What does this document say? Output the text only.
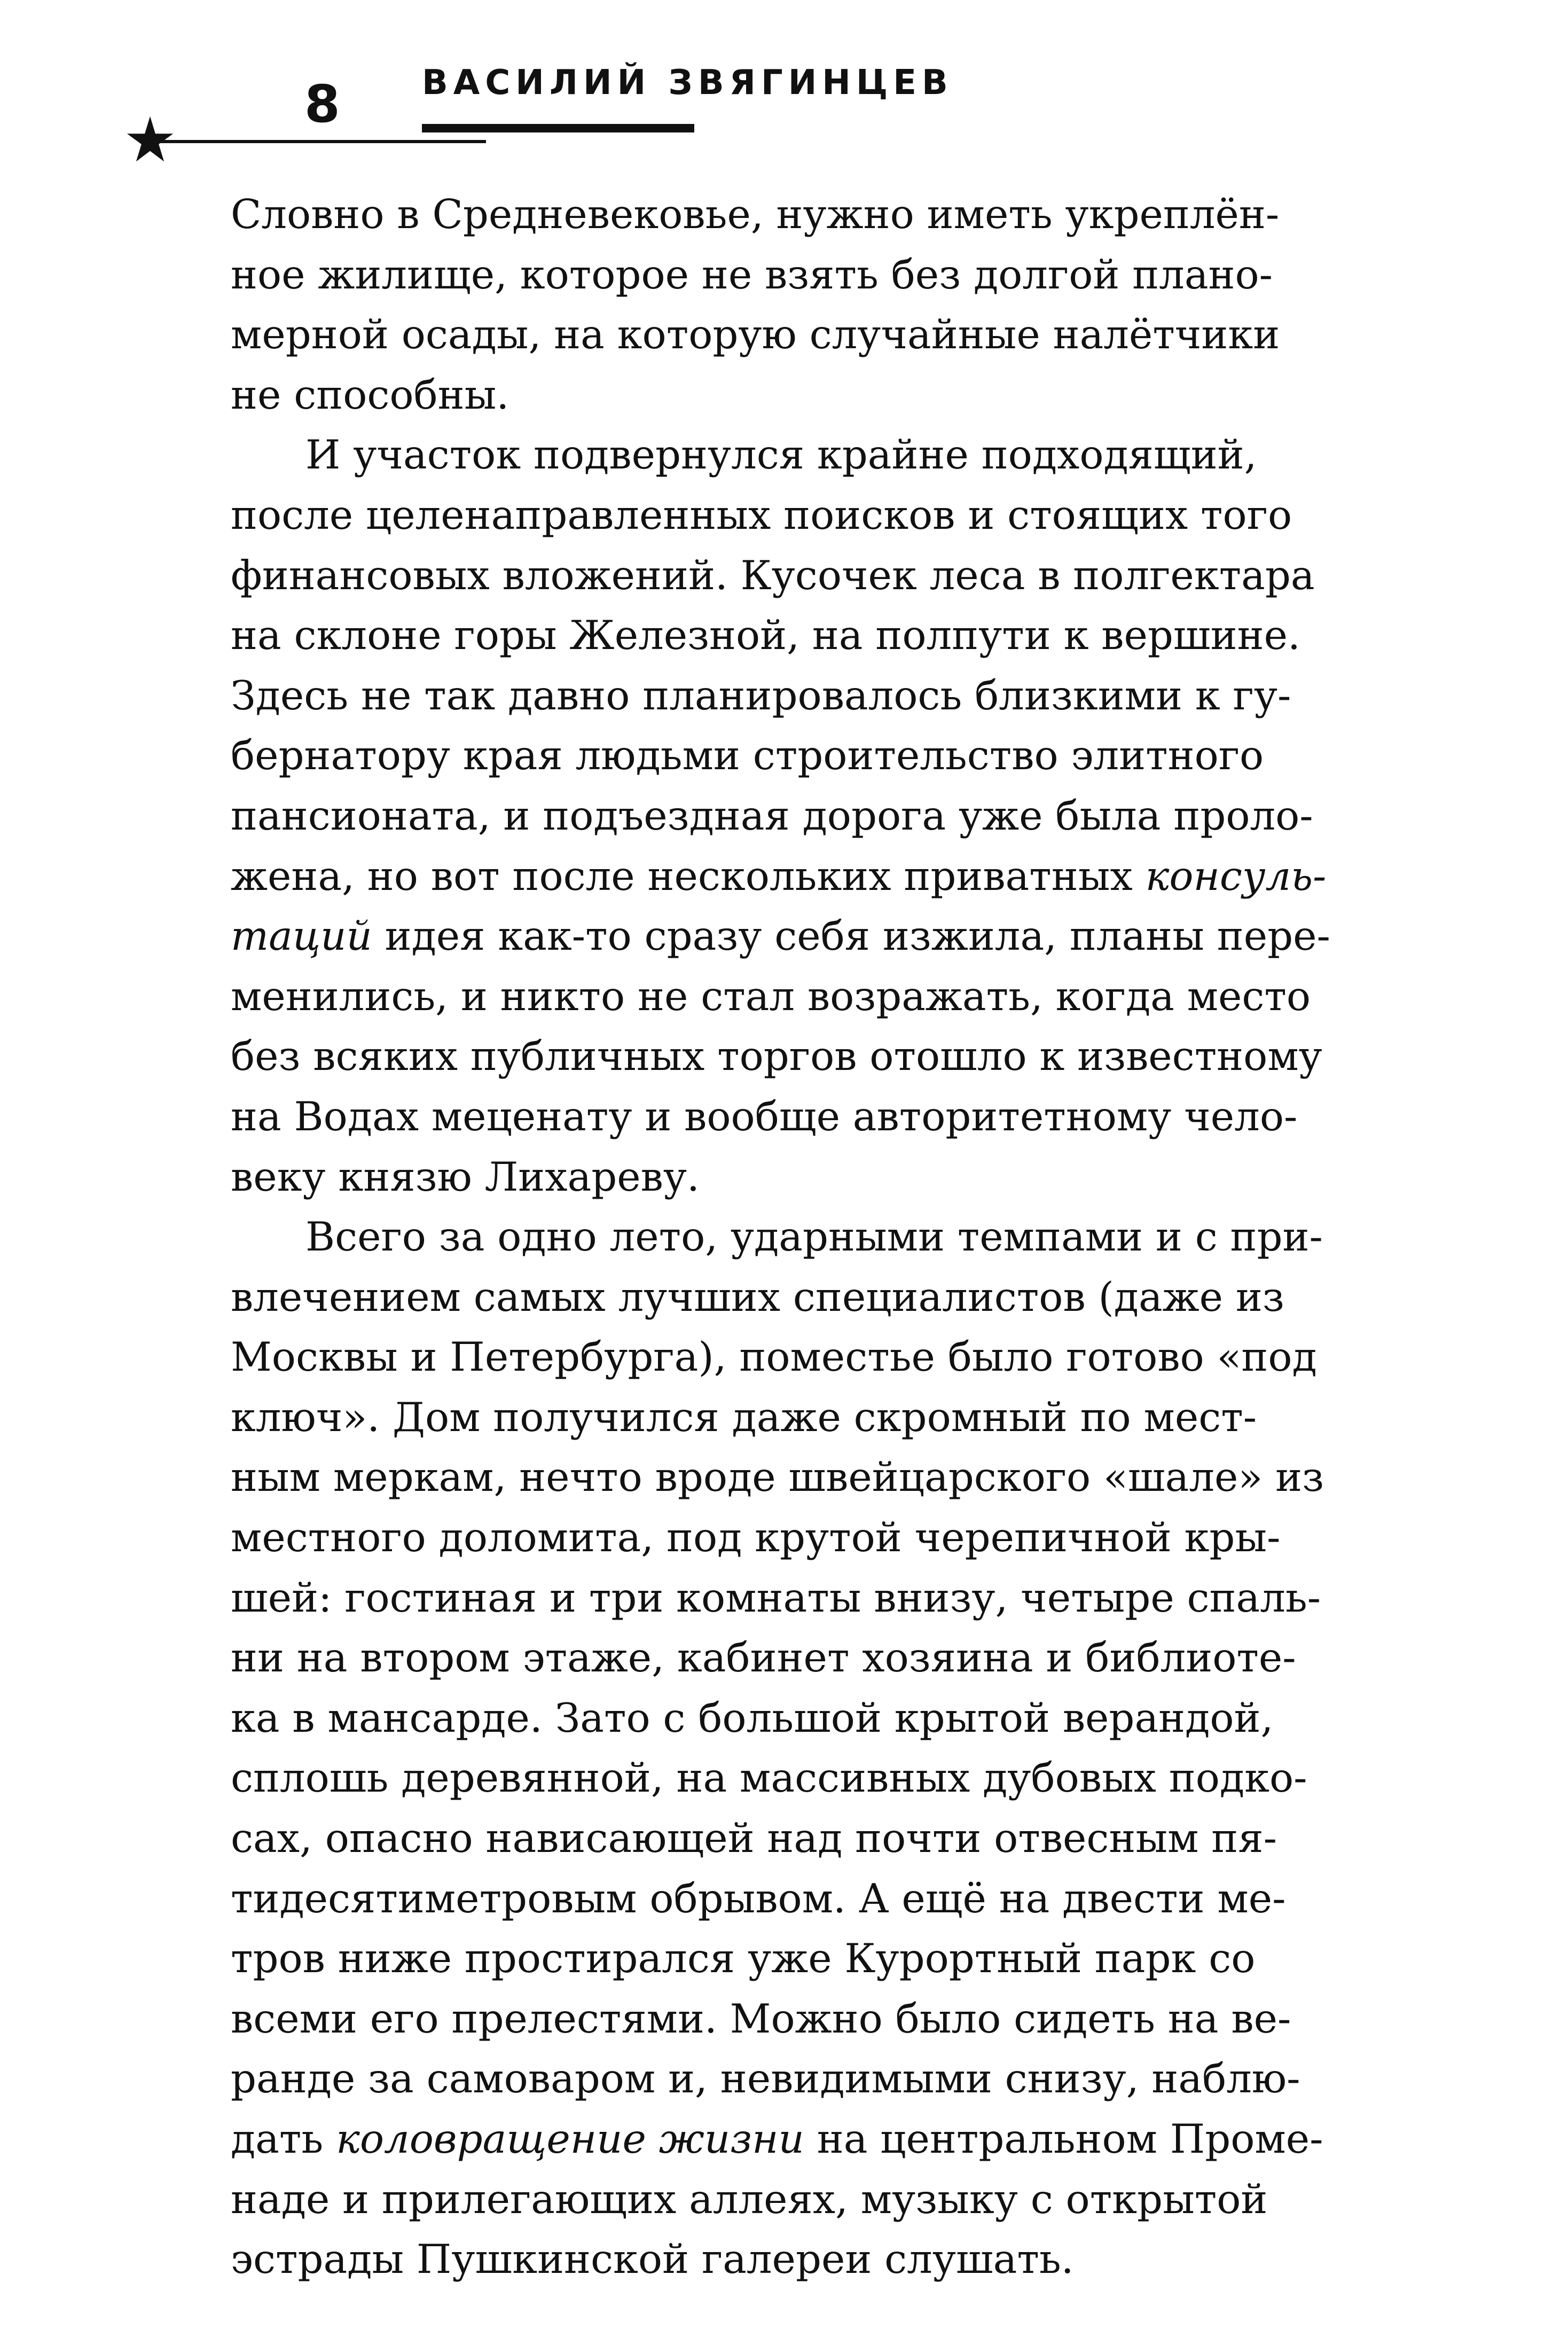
8 ВАСИЛИЙ ЗВЯГИНЦЕВ

Словно в Средневековье, нужно иметь укреплён-
ное жилище, которое не взять без долгой плано-
мерной осады, на которую случайные налётчики
не способны.

И участок подвернулся крайне подходящий,
после целенаправленных поисков и стоящих того
финансовых вложений. Кусочек леса в полгектара
на склоне горы Железной, на полпути к вершине.
Здесь не так давно планировалось близкими к гу-
бернатору края людьми строительство элитного
пансионата, и подъездная дорога уже была проло-
жена, но вот после нескольких приватных консуль-
таций идея как-то сразу себя изжила, планы пере-
менились, и никто не стал возражать, когда место
без всяких публичных торгов отошло к известному
на Водах меценату и вообще авторитетному чело-
веку князю Лихареву.

Всего за одно лето, ударными темпами и с при-
влечением самых лучших специалистов (даже из
Москвы и Петербурга), поместье было готово «под
ключ». Дом получился даже скромный по мест-
ным меркам, нечто вроде швейцарского «шале» из
местного доломита, под крутой черепичной кры-
шей: гостиная и три комнаты внизу, четыре спаль-
ни на втором этаже, кабинет хозяина и библиоте-
ка в мансарде. Зато с большой крытой верандой,
сплошь деревянной, на массивных дубовых подко-
сах, опасно нависающей над почти отвесным пя-
тидесятиметровым обрывом. А ещё на двести ме-
тров ниже простирался уже Курортный парк со
всеми его прелестями. Можно было сидеть на ве-
ранде за самоваром и, невидимыми снизу, наблю-
дать коловращение жизни на центральном Проме-
наде и прилегающих аллеях, музыку с открытой
эстрады Пушкинской галереи слушать.
